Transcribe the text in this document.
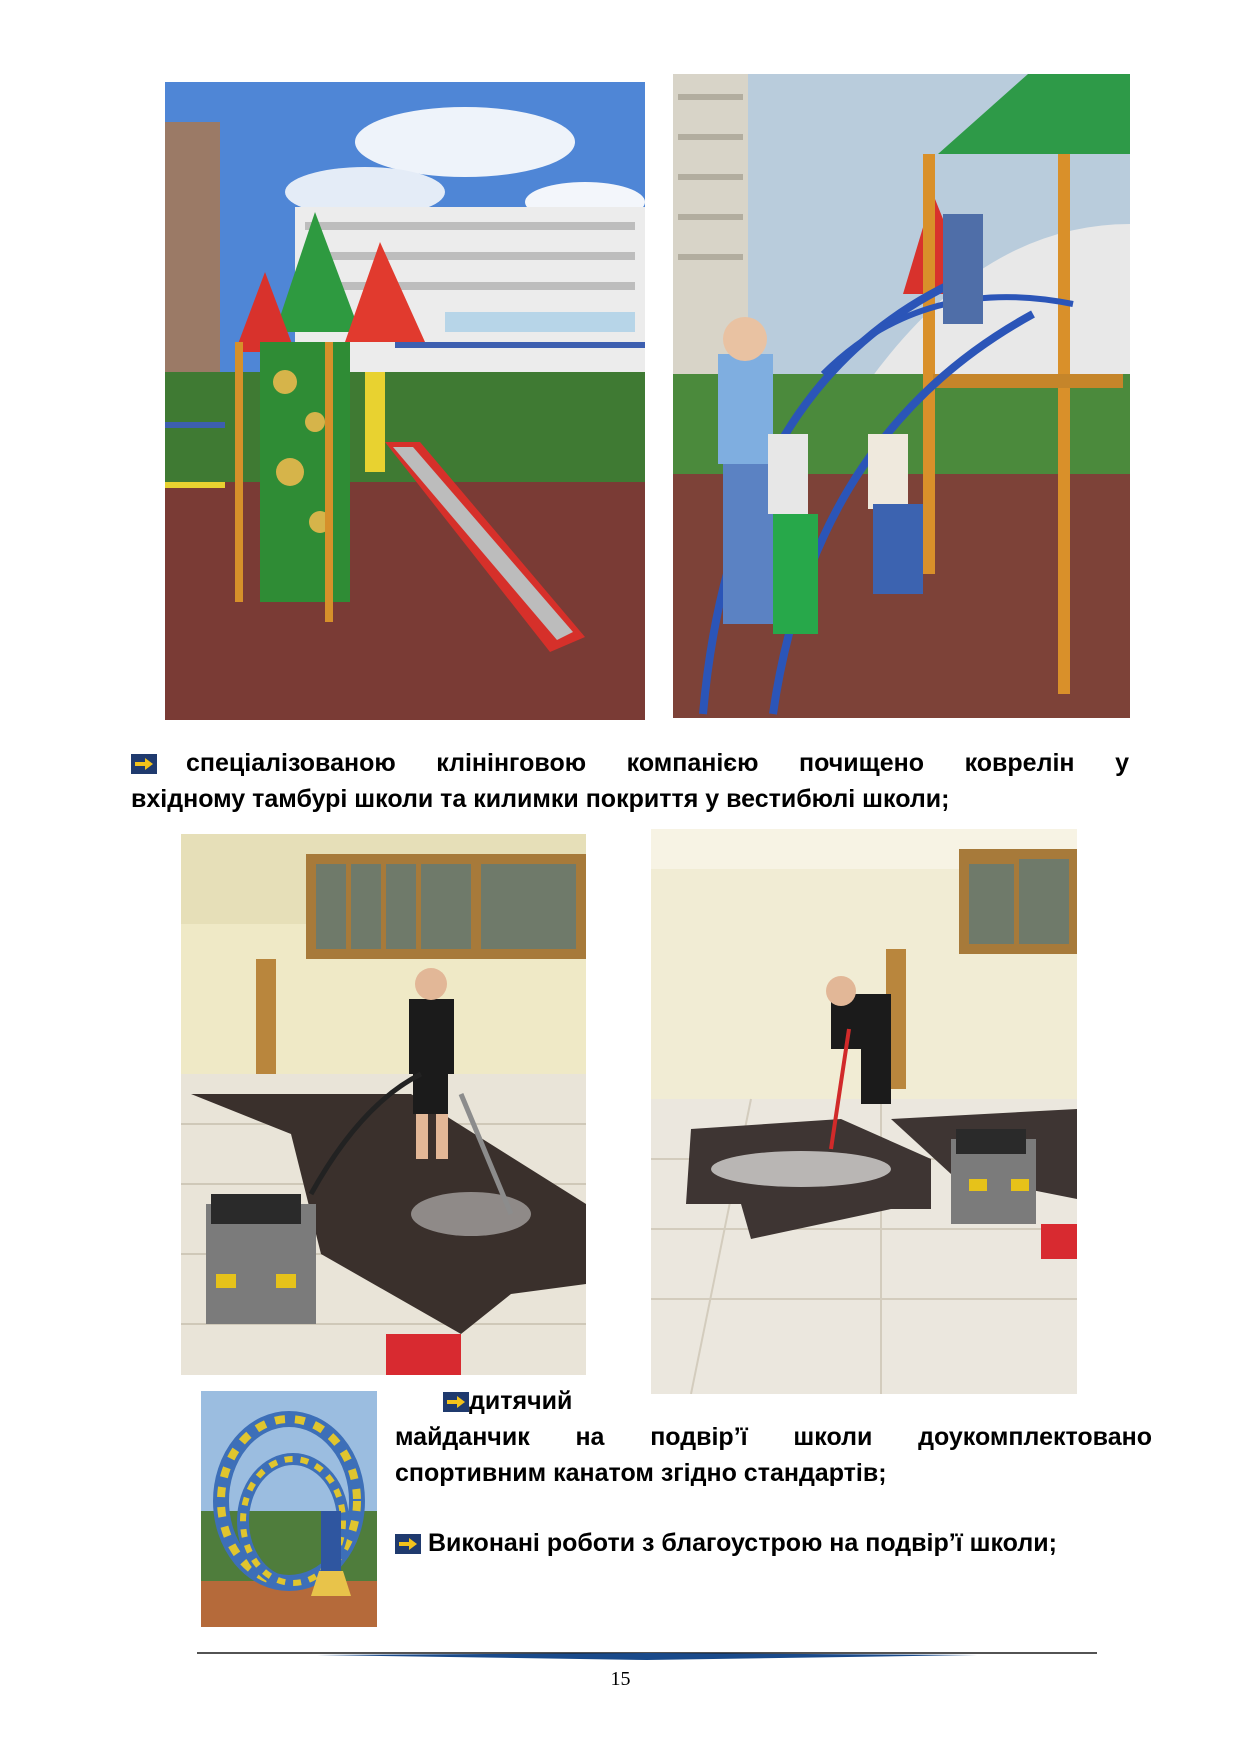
спеціалізованою клінінговою компанією почищено коврелін у
вхідному тамбурі школи та килимки покриття у вестибюлі школи;
дитячий
майданчик на подвір’ї школи доукомплектовано
спортивним канатом згідно стандартів;
Виконані роботи з благоустрою на подвір’ї школи;
15
